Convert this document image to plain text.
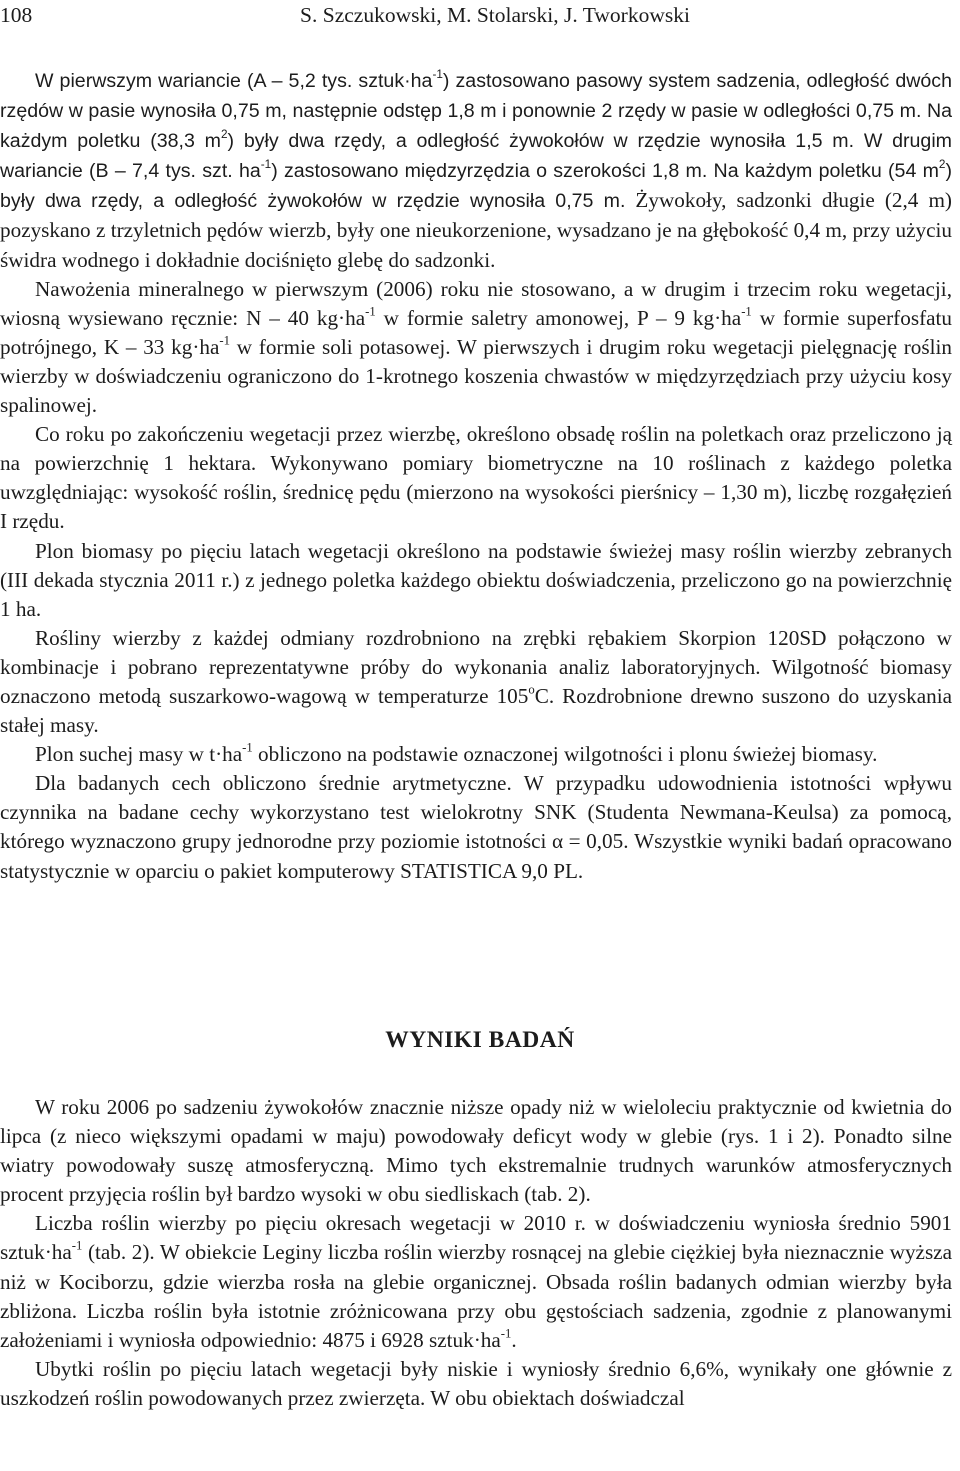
108	S. Szczukowski, M. Stolarski, J. Tworkowski

W pierwszym wariancie (A – 5,2 tys. $sztuk\cdot ha^{-1}$) zastosowano pasowy system sadzenia, odległość dwóch rzędów w pasie wynosiła 0,75 m, następnie odstęp 1,8 m i ponownie 2 rzędy w pasie w odległości 0,75 m. Na każdym poletku (38,3 $m^2$) były dwa rzędy, a odległość żywokołów w rzędzie wynosiła 1,5 m. W drugim wariancie (B – 7,4 tys. szt. $ha^{-1}$) zastosowano międzyrzędzia o szerokości 1,8 m. Na każdym poletku (54 $m^2$) były dwa rzędy, a odległość żywokołów w rzędzie wynosiła 0,75 m. Żywokoły, sadzonki długie (2,4 m) pozyskano z trzyletnich pędów wierzb, były one nieukorzenione, wysadzano je na głębokość 0,4 m, przy użyciu świdra wodnego i dokładnie dociśnięto glebę do sadzonki.

Nawożenia mineralnego w pierwszym (2006) roku nie stosowano, a w drugim i trzecim roku wegetacji, wiosną wysiewano ręcznie: N – 40 $kg\cdot ha^{-1}$ w formie saletry amonowej, P – 9 $kg\cdot ha^{-1}$ w formie superfosfatu potrójnego, K – 33 $kg\cdot ha^{-1}$ w formie soli potasowej. W pierwszych i drugim roku wegetacji pielęgnację roślin wierzby w doświadczeniu ograniczono do 1-krotnego koszenia chwastów w międzyrzędziach przy użyciu kosy spalinowej.

Co roku po zakończeniu wegetacji przez wierzbę, określono obsadę roślin na poletkach oraz przeliczono ją na powierzchnię 1 hektara. Wykonywano pomiary biometryczne na 10 roślinach z każdego poletka uwzględniając: wysokość roślin, średnicę pędu (mierzono na wysokości pierśnicy – 1,30 m), liczbę rozgałęzień I rzędu.

Plon biomasy po pięciu latach wegetacji określono na podstawie świeżej masy roślin wierzby zebranych (III dekada stycznia 2011 r.) z jednego poletka każdego obiektu doświadczenia, przeliczono go na powierzchnię 1 ha.

Rośliny wierzby z każdej odmiany rozdrobniono na zrębki rębakiem Skorpion 120SD połączono w kombinacje i pobrano reprezentatywne próby do wykonania analiz laboratoryjnych. Wilgotność biomasy oznaczono metodą suszarkowo-wagową w temperaturze 105$^o$C. Rozdrobnione drewno suszono do uzyskania stałej masy.

Plon suchej masy w $t\cdot ha^{-1}$ obliczono na podstawie oznaczonej wilgotności i plonu świeżej biomasy.

Dla badanych cech obliczono średnie arytmetyczne. W przypadku udowodnienia istotności wpływu czynnika na badane cechy wykorzystano test wielokrotny SNK (Studenta Newmana-Keulsa) za pomocą, którego wyznaczono grupy jednorodne przy poziomie istotności α = 0,05. Wszystkie wyniki badań opracowano statystycznie w oparciu o pakiet komputerowy STATISTICA 9,0 PL.

WYNIKI BADAŃ

W roku 2006 po sadzeniu żywokołów znacznie niższe opady niż w wieloleciu praktycznie od kwietnia do lipca (z nieco większymi opadami w maju) powodowały deficyt wody w glebie (rys. 1 i 2). Ponadto silne wiatry powodowały suszę atmosferyczną. Mimo tych ekstremalnie trudnych warunków atmosferycznych procent przyjęcia roślin był bardzo wysoki w obu siedliskach (tab. 2).

Liczba roślin wierzby po pięciu okresach wegetacji w 2010 r. w doświadczeniu wyniosła średnio 5901 $sztuk\cdot ha^{-1}$ (tab. 2). W obiekcie Leginy liczba roślin wierzby rosnącej na glebie ciężkiej była nieznacznie wyższa niż w Kociborzu, gdzie wierzba rosła na glebie organicznej. Obsada roślin badanych odmian wierzby była zbliżona. Liczba roślin była istotnie zróżnicowana przy obu gęstościach sadzenia, zgodnie z planowanymi założeniami i wyniosła odpowiednio: 4875 i 6928 $sztuk\cdot ha^{-1}$.

Ubytki roślin po pięciu latach wegetacji były niskie i wyniosły średnio 6,6%, wynikały one głównie z uszkodzeń roślin powodowanych przez zwierzęta. W obu obiektach doświadczal
